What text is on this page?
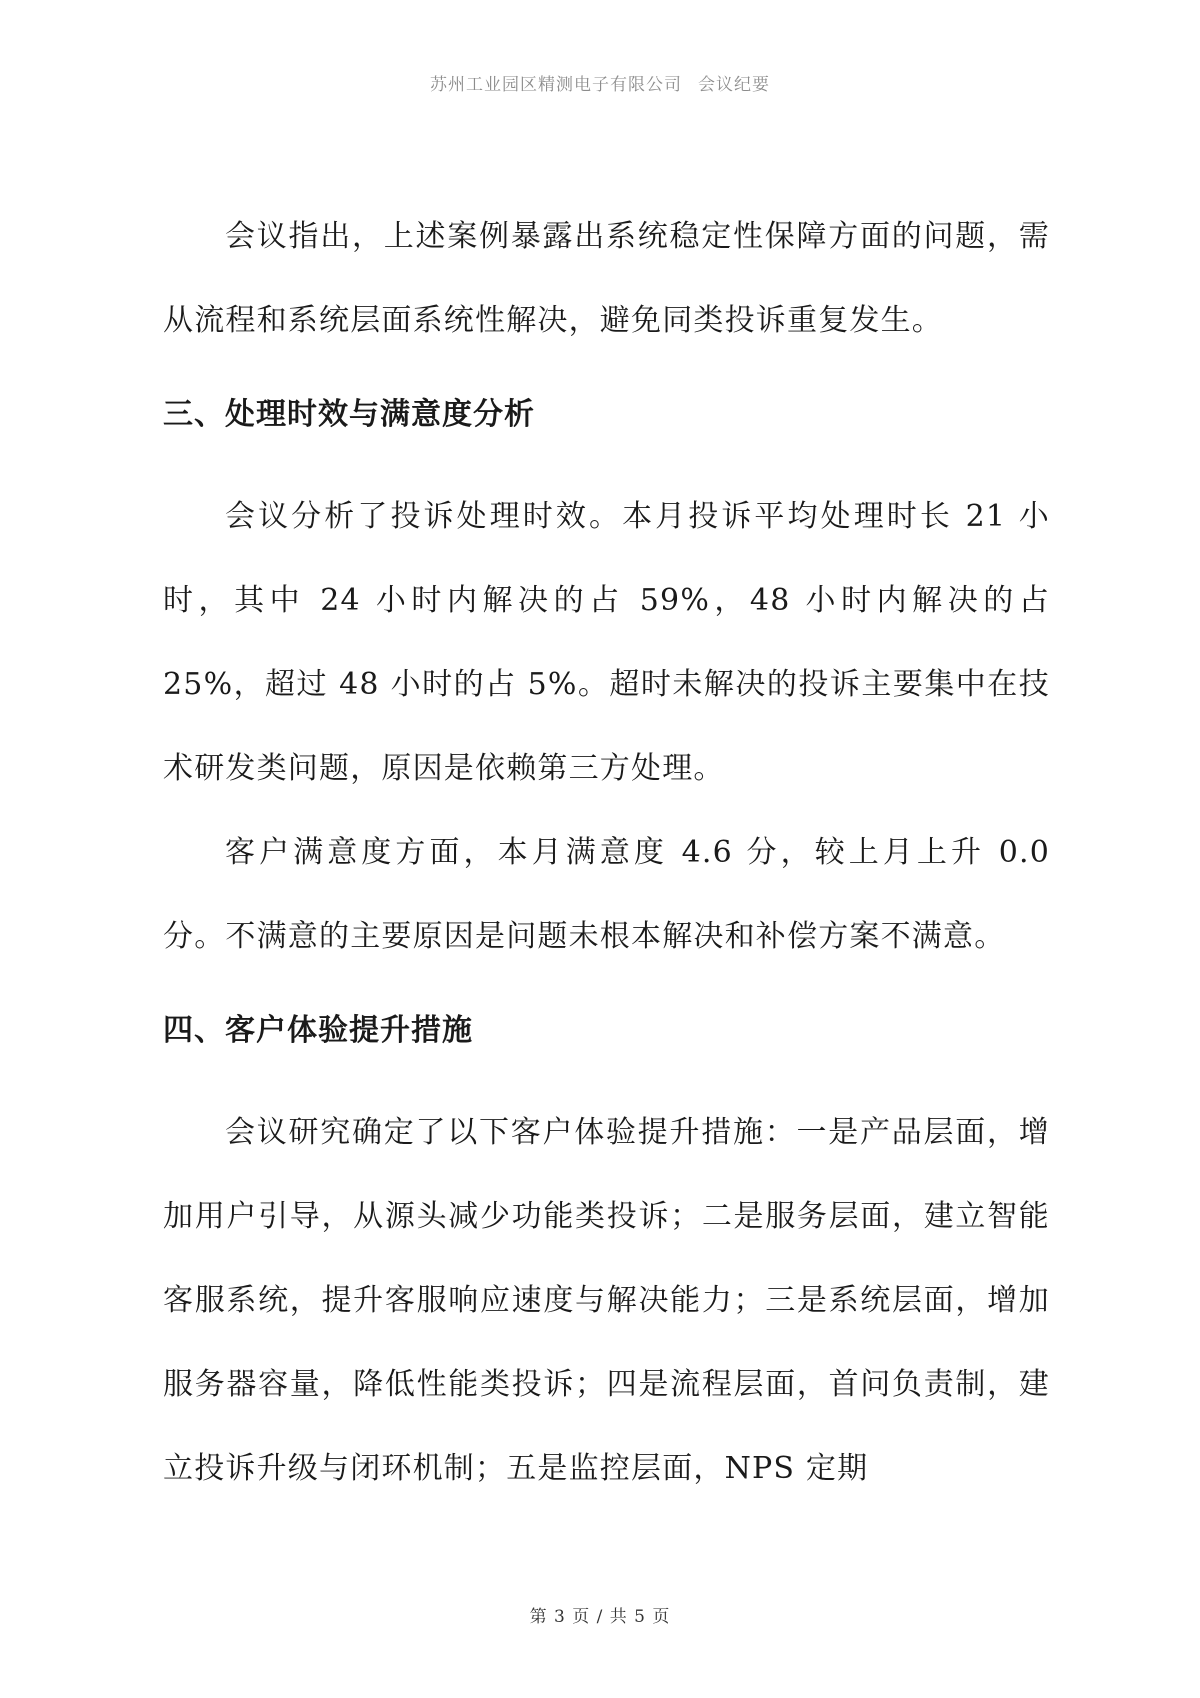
苏州工业园区精测电子有限公司 会议纪要

会议指出，上述案例暴露出系统稳定性保障方面的问题，需从流程和系统层面系统性解决，避免同类投诉重复发生。

三、处理时效与满意度分析

会议分析了投诉处理时效。本月投诉平均处理时长 21 小时，其中 24 小时内解决的占 59%，48 小时内解决的占 25%，超过 48 小时的占 5%。超时未解决的投诉主要集中在技术研发类问题，原因是依赖第三方处理。

客户满意度方面，本月满意度 4.6 分，较上月上升 0.0 分。不满意的主要原因是问题未根本解决和补偿方案不满意。

四、客户体验提升措施

会议研究确定了以下客户体验提升措施：一是产品层面，增加用户引导，从源头减少功能类投诉；二是服务层面，建立智能客服系统，提升客服响应速度与解决能力；三是系统层面，增加服务器容量，降低性能类投诉；四是流程层面，首问负责制，建立投诉升级与闭环机制；五是监控层面，NPS 定期

第 3 页 / 共 5 页
